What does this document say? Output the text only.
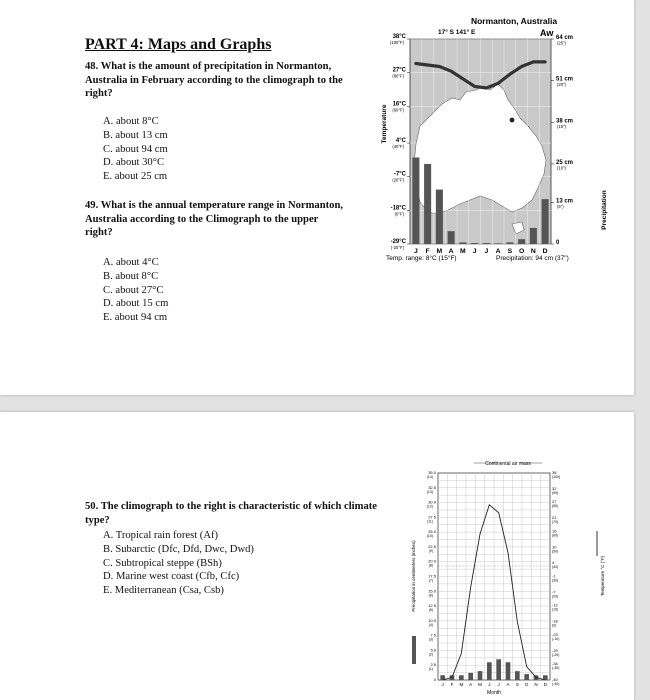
PART 4: Maps and Graphs
48. What is the amount of precipitation in Normanton, Australia in February according to the climograph to the right?
A. about 8°C
B. about 13 cm
C. about 94 cm
D. about 30°C
E. about 25 cm
49. What is the annual temperature range in Normanton, Australia according to the Climograph to the upper right?
A. about 4°C
B. about 8°C
C. about 27°C
D. about 15 cm
E. about 94 cm
Normanton, Australia
17° S 141° E	Aw
38°C
(100°F)
27°C
(80°F)
16°C
(60°F)
4°C
(40°F)
-7°C
(20°F)
-18°C
(0°F)
-29°C
(-20°F)
64 cm
(25")
51 cm
(20")
38 cm
(15")
25 cm
(10")
13 cm
(5")
0
J F M A M J J A S O N D
Temperature
Precipitation
Temp. range: 8°C (15°F)	Precipitation: 94 cm (37")
50. The climograph to the right is characteristic of which climate type?
A. Tropical rain forest (Af)
B. Subarctic (Dfc, Dfd, Dwc, Dwd)
C. Subtropical steppe (BSh)
D. Marine west coast (Cfb, Cfc)
E. Mediterranean (Csa, Csb)
Continental air mass
35.0
(14)
32.5
(13)
30.0
(12)
27.5
(11)
25.0
(10)
22.5
(9)
20.0
(8)
17.5
(7)
15.0
(6)
12.5
(5)
10.0
(4)
7.5
(3)
5.0
(2)
2.5
(1)
0
38
(100)
32
(90)
27
(80)
21
(70)
16
(60)
10
(50)
4
(40)
-1
(30)
-7
(20)
-12
(10)
-18
(0)
-23
(-10)
-29
(-20)
-34
(-30)
-40
(-40)
J F M A M J J A S O N D
Month
Precipitation in centimeters (inches)	Temperature °C (°F)
